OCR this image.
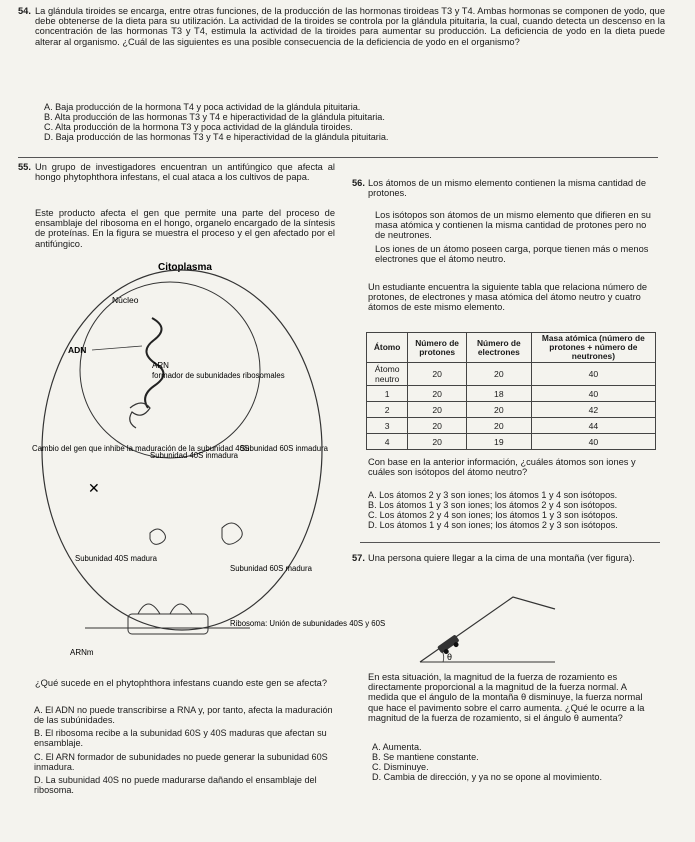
54. La glándula tiroides se encarga, entre otras funciones, de la producción de las hormonas tiroideas T3 y T4. Ambas hormonas se componen de yodo, que debe obtenerse de la dieta para su utilización. La actividad de la tiroides se controla por la glándula pituitaria, la cual, cuando detecta un descenso en la concentración de las hormonas T3 y T4, estimula la actividad de la tiroides para aumentar su producción. La deficiencia de yodo en la dieta puede alterar al organismo. ¿Cuál de las siguientes es una posible consecuencia de la deficiencia de yodo en el organismo?
A. Baja producción de la hormona T4 y poca actividad de la glándula pituitaria.
B. Alta producción de las hormonas T3 y T4 e hiperactividad de la glándula pituitaria.
C. Alta producción de la hormona T3 y poca actividad de la glándula tiroides.
D. Baja producción de las hormonas T3 y T4 e hiperactividad de la glándula pituitaria.
55. Un grupo de investigadores encuentran un antifúngico que afecta al hongo phytophthora infestans, el cual ataca a los cultivos de papa.
Este producto afecta el gen que permite una parte del proceso de ensamblaje del ribosoma en el hongo, organelo encargado de la síntesis de proteínas. En la figura se muestra el proceso y el gen afectado por el antifúngico.
Citoplasma
Núcleo
ADN
ARN
formador de subunidades ribosomales
Cambio del gen que inhibe la maduración de la subunidad 40S
Subunidad 40S inmadura
Subunidad 60S inmadura
✕
Subunidad 40S madura
Subunidad 60S madura
ARNm
Ribosoma: Unión de subunidades 40S y 60S
¿Qué sucede en el phytophthora infestans cuando este gen se afecta?
A. El ADN no puede transcribirse a RNA y, por tanto, afecta la maduración de las subúnidades.
B. El ribosoma recibe a la subunidad 60S y 40S maduras que afectan su ensamblaje.
C. El ARN formador de subunidades no puede generar la subunidad 60S inmadura.
D. La subunidad 40S no puede madurarse dañando el ensamblaje del ribosoma.
56. Los átomos de un mismo elemento contienen la misma cantidad de protones.
Los isótopos son átomos de un mismo elemento que difieren en su masa atómica y contienen la misma cantidad de protones pero no de neutrones.
Los iones de un átomo poseen carga, porque tienen más o menos electrones que el átomo neutro.
Un estudiante encuentra la siguiente tabla que relaciona número de protones, de electrones y masa atómica del átomo neutro y cuatro átomos de este mismo elemento.
Átomo	Número de protones	Número de electrones	Masa atómica (número de protones + número de neutrones)
Átomo neutro	20	20	40
1	20	18	40
2	20	20	42
3	20	20	44
4	20	19	40
Con base en la anterior información, ¿cuáles átomos son iones y cuáles son isótopos del átomo neutro?
A. Los átomos 2 y 3 son iones; los átomos 1 y 4 son isótopos.
B. Los átomos 1 y 3 son iones; los átomos 2 y 4 son isótopos.
C. Los átomos 2 y 4 son iones; los átomos 1 y 3 son isótopos.
D. Los átomos 1 y 4 son iones; los átomos 2 y 3 son isótopos.
57. Una persona quiere llegar a la cima de una montaña (ver figura).
θ
En esta situación, la magnitud de la fuerza de rozamiento es directamente proporcional a la magnitud de la fuerza normal. A medida que el ángulo de la montaña θ disminuye, la fuerza normal que hace el pavimento sobre el carro aumenta. ¿Qué le ocurre a la magnitud de la fuerza de rozamiento, si el ángulo θ aumenta?
A. Aumenta.
B. Se mantiene constante.
C. Disminuye.
D. Cambia de dirección, y ya no se opone al movimiento.
